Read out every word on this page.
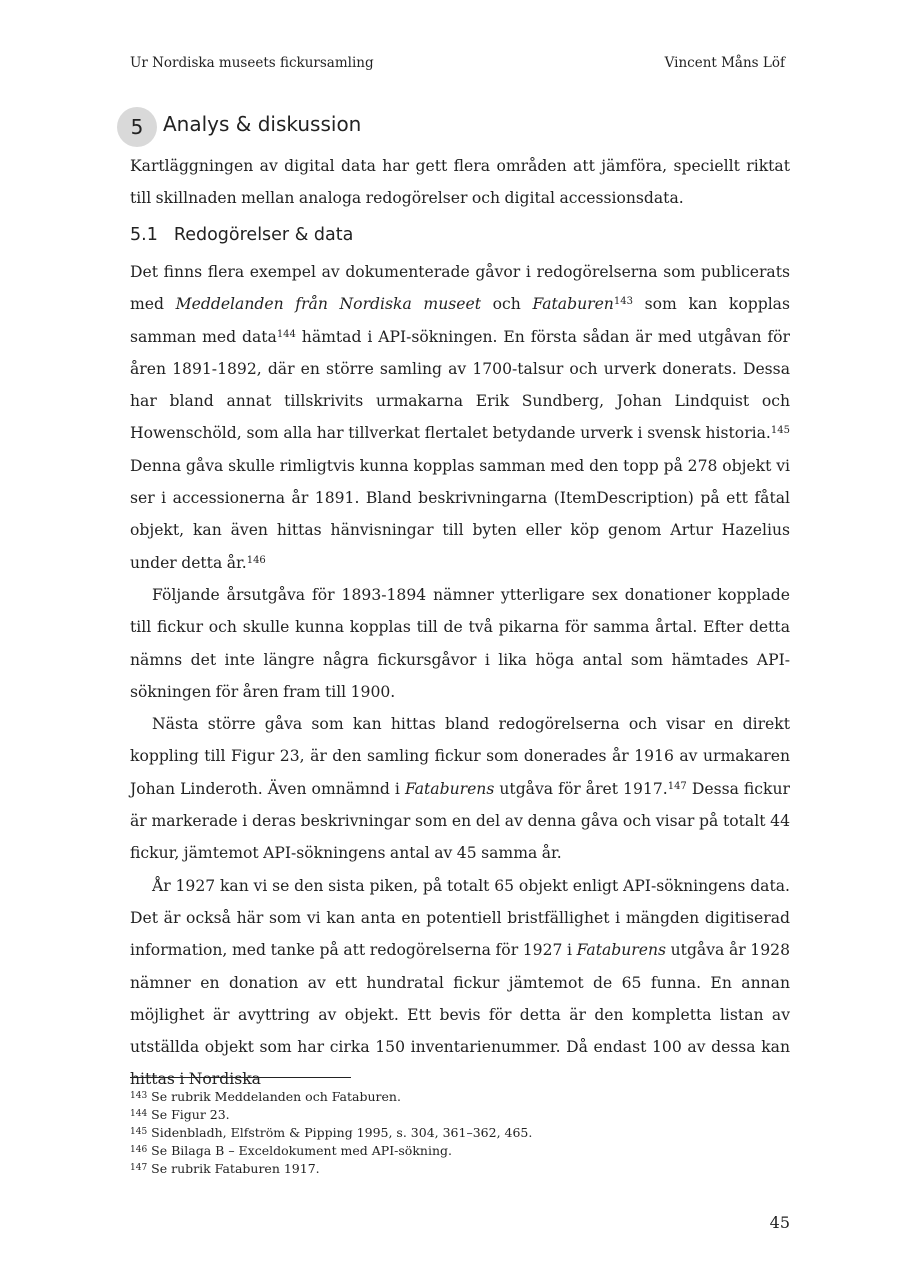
Ur Nordiska museets fickursamling	Vincent Måns Löf
5 Analys & diskussion

Kartläggningen av digital data har gett flera områden att jämföra, speciellt riktat till skillnaden mellan analoga redogörelser och digital accessionsdata.

5.1 Redogörelser & data

Det finns flera exempel av dokumenterade gåvor i redogörelserna som publicerats med Meddelanden från Nordiska museet och Fataburen$^{143}$ som kan kopplas samman med data$^{144}$ hämtad i API-sökningen. En första sådan är med utgåvan för åren 1891-1892, där en större samling av 1700-talsur och urverk donerats. Dessa har bland annat tillskrivits urmakarna Erik Sundberg, Johan Lindquist och Howenschöld, som alla har tillverkat flertalet betydande urverk i svensk historia.$^{145}$ Denna gåva skulle rimligtvis kunna kopplas samman med den topp på 278 objekt vi ser i accessionerna år 1891. Bland beskrivningarna (ItemDescription) på ett fåtal objekt, kan även hittas hänvisningar till byten eller köp genom Artur Hazelius under detta år.$^{146}$

Följande årsutgåva för 1893-1894 nämner ytterligare sex donationer kopplade till fickur och skulle kunna kopplas till de två pikarna för samma årtal. Efter detta nämns det inte längre några fickursgåvor i lika höga antal som hämtades API-sökningen för åren fram till 1900.

Nästa större gåva som kan hittas bland redogörelserna och visar en direkt koppling till Figur 23, är den samling fickur som donerades år 1916 av urmakaren Johan Linderoth. Även omnämnd i Fataburens utgåva för året 1917.$^{147}$ Dessa fickur är markerade i deras beskrivningar som en del av denna gåva och visar på totalt 44 fickur, jämtemot API-sökningens antal av 45 samma år.

År 1927 kan vi se den sista piken, på totalt 65 objekt enligt API-sökningens data. Det är också här som vi kan anta en potentiell bristfällighet i mängden digitiserad information, med tanke på att redogörelserna för 1927 i Fataburens utgåva år 1928 nämner en donation av ett hundratal fickur jämtemot de 65 funna. En annan möjlighet är avyttring av objekt. Ett bevis för detta är den kompletta listan av utställda objekt som har cirka 150 inventarienummer. Då endast 100 av dessa kan hittas i Nordiska

$^{143}$ Se rubrik Meddelanden och Fataburen.
$^{144}$ Se Figur 23.
$^{145}$ Sidenbladh, Elfström & Pipping 1995, s. 304, 361–362, 465.
$^{146}$ Se Bilaga B – Exceldokument med API-sökning.
$^{147}$ Se rubrik Fataburen 1917.
45
